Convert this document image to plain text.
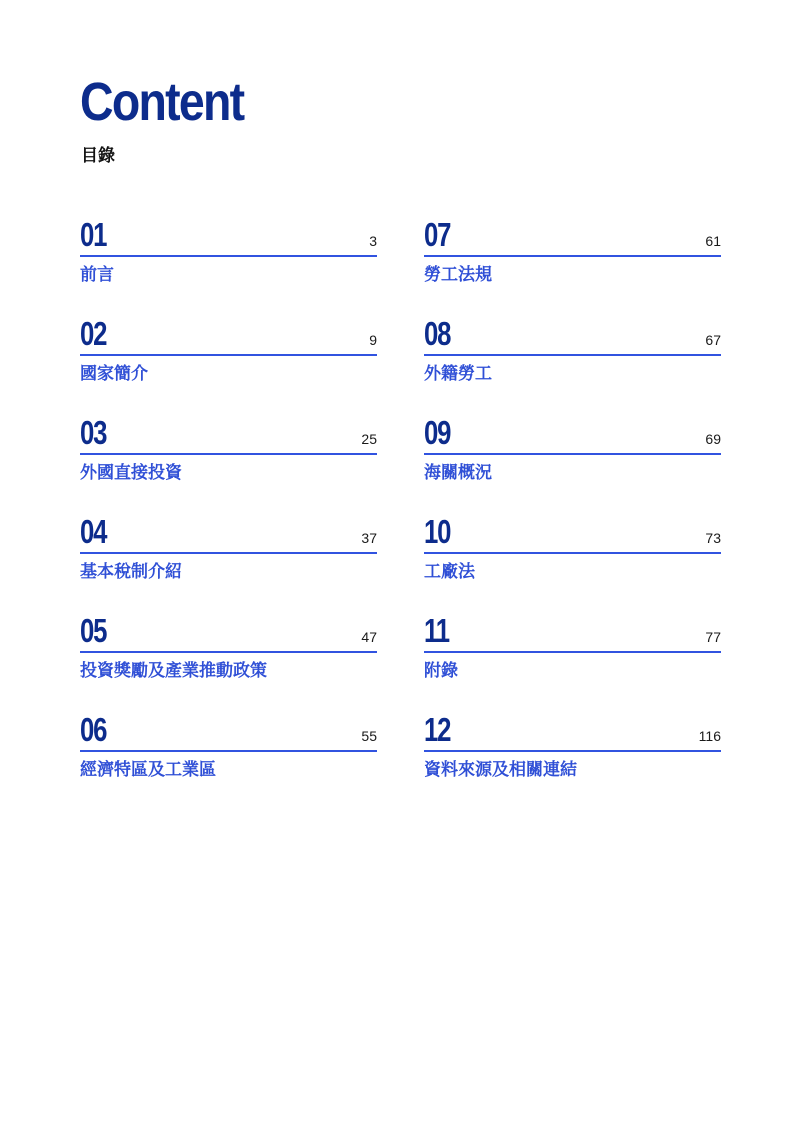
Content
目錄
01	3
前言
02	9
國家簡介
03	25
外國直接投資
04	37
基本稅制介紹
05	47
投資獎勵及產業推動政策
06	55
經濟特區及工業區
07	61
勞工法規
08	67
外籍勞工
09	69
海關概況
10	73
工廠法
11	77
附錄
12	116
資料來源及相關連結
